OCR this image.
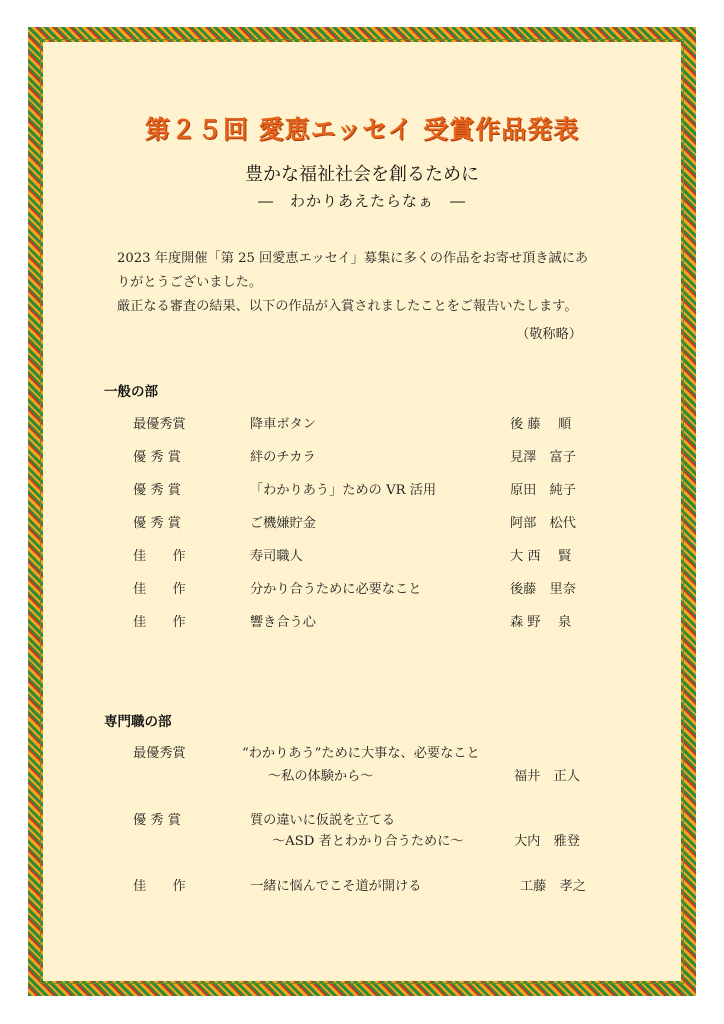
第２５回 愛恵エッセイ 受賞作品発表
豊かな福祉社会を創るために
―　わかりあえたらなぁ　―

2023 年度開催「第 25 回愛恵エッセイ」募集に多くの作品をお寄せ頂き誠にあ

りがとうございました。

厳正なる審査の結果、以下の作品が入賞されましたことをご報告いたします。

（敬称略）
一般の部
最優秀賞	降車ボタン	後 藤　 順
優 秀 賞	絆のチカラ	見澤　富子
優 秀 賞	「わかりあう」ための VR 活用	原田　純子
優 秀 賞	ご機嫌貯金	阿部　松代
佳　　作	寿司職人	大 西　 賢
佳　　作	分かり合うために必要なこと	後藤　里奈
佳　　作	響き合う心	森 野　 泉
専門職の部
最優秀賞	“わかりあう”ために大事な、必要なこと
～私の体験から～	福井　正人
優 秀 賞	質の違いに仮説を立てる
～ASD 者とわかり合うために～	大内　雅登
佳　　作	一緒に悩んでこそ道が開ける	工藤　孝之
